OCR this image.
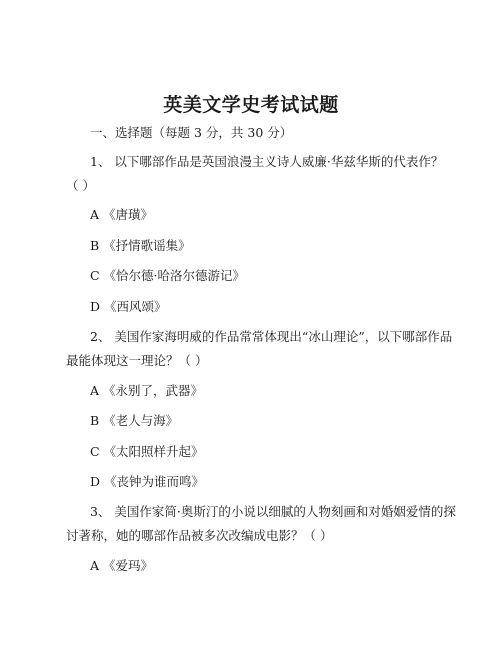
英美文学史考试试题
一、选择题（每题 3 分，共 30 分）
1、 以下哪部作品是英国浪漫主义诗人威廉·华兹华斯的代表作？
（ ）
A 《唐璜》
B 《抒情歌谣集》
C 《恰尔德·哈洛尔德游记》
D 《西风颂》
2、 美国作家海明威的作品常常体现出“冰山理论”，以下哪部作品
最能体现这一理论？（ ）
A 《永别了，武器》
B 《老人与海》
C 《太阳照样升起》
D 《丧钟为谁而鸣》
3、 美国作家简·奥斯汀的小说以细腻的人物刻画和对婚姻爱情的探
讨著称，她的哪部作品被多次改编成电影？（ ）
A 《爱玛》
